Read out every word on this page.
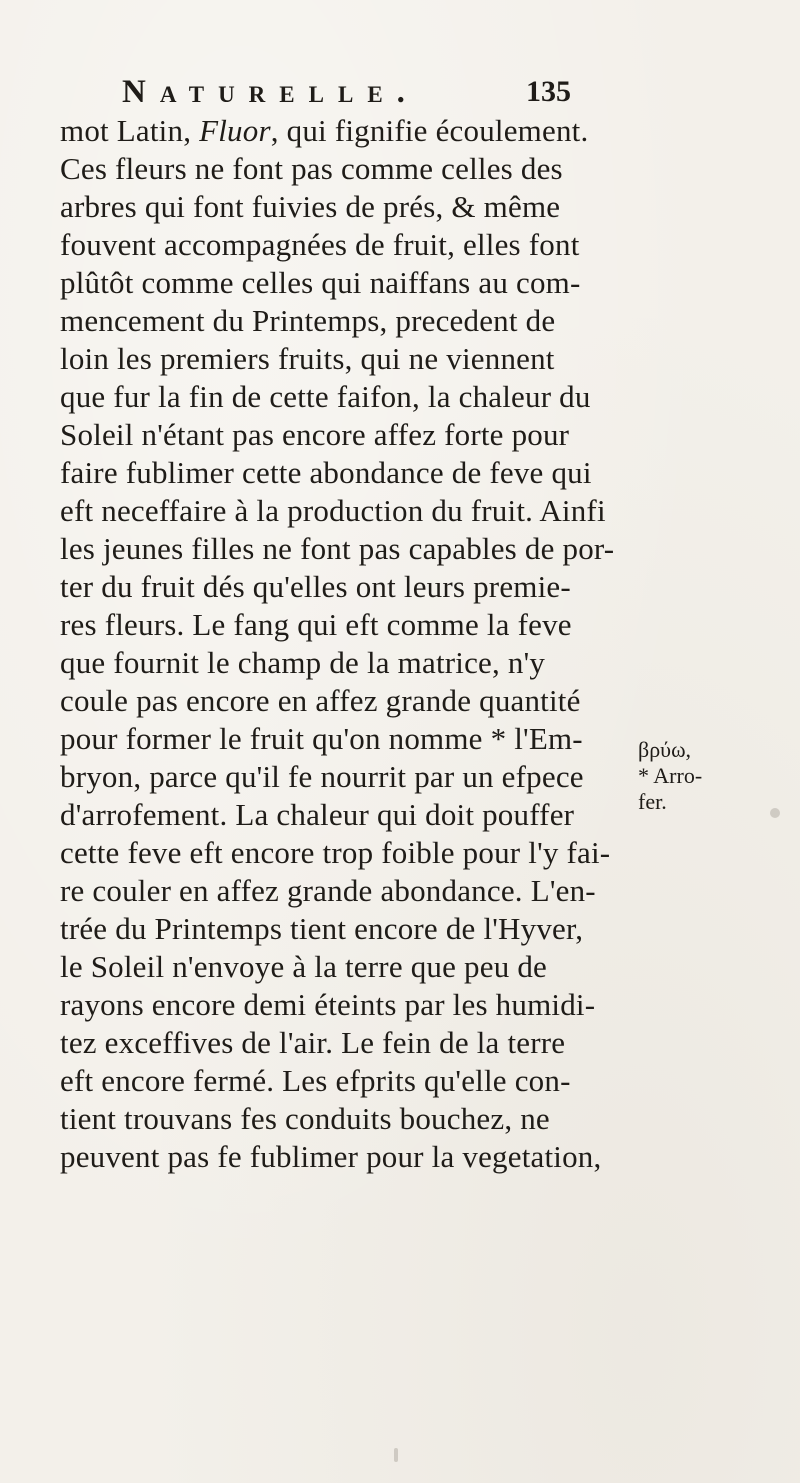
Naturelle.	135
mot Latin, Fluor, qui fignifie écoulement.
Ces fleurs ne font pas comme celles des
arbres qui font fuivies de prés, & même
fouvent accompagnées de fruit, elles font
plûtôt comme celles qui naiffans au com-
mencement du Printemps, precedent de
loin les premiers fruits, qui ne viennent
que fur la fin de cette faifon, la chaleur du
Soleil n'étant pas encore affez forte pour
faire fublimer cette abondance de feve qui
eft neceffaire à la production du fruit. Ainfi
les jeunes filles ne font pas capables de por-
ter du fruit dés qu'elles ont leurs premie-
res fleurs. Le fang qui eft comme la feve
que fournit le champ de la matrice, n'y
coule pas encore en affez grande quantité
pour former le fruit qu'on nomme * l'Em-
bryon, parce qu'il fe nourrit par un efpece
d'arrofement. La chaleur qui doit pouffer
cette feve eft encore trop foible pour l'y fai-
re couler en affez grande abondance. L'en-
trée du Printemps tient encore de l'Hyver,
le Soleil n'envoye à la terre que peu de
rayons encore demi éteints par les humidi-
tez exceffives de l'air. Le fein de la terre
eft encore fermé. Les efprits qu'elle con-
tient trouvans fes conduits bouchez, ne
peuvent pas fe fublimer pour la vegetation,
βρύω,
* Arro-
fer.
